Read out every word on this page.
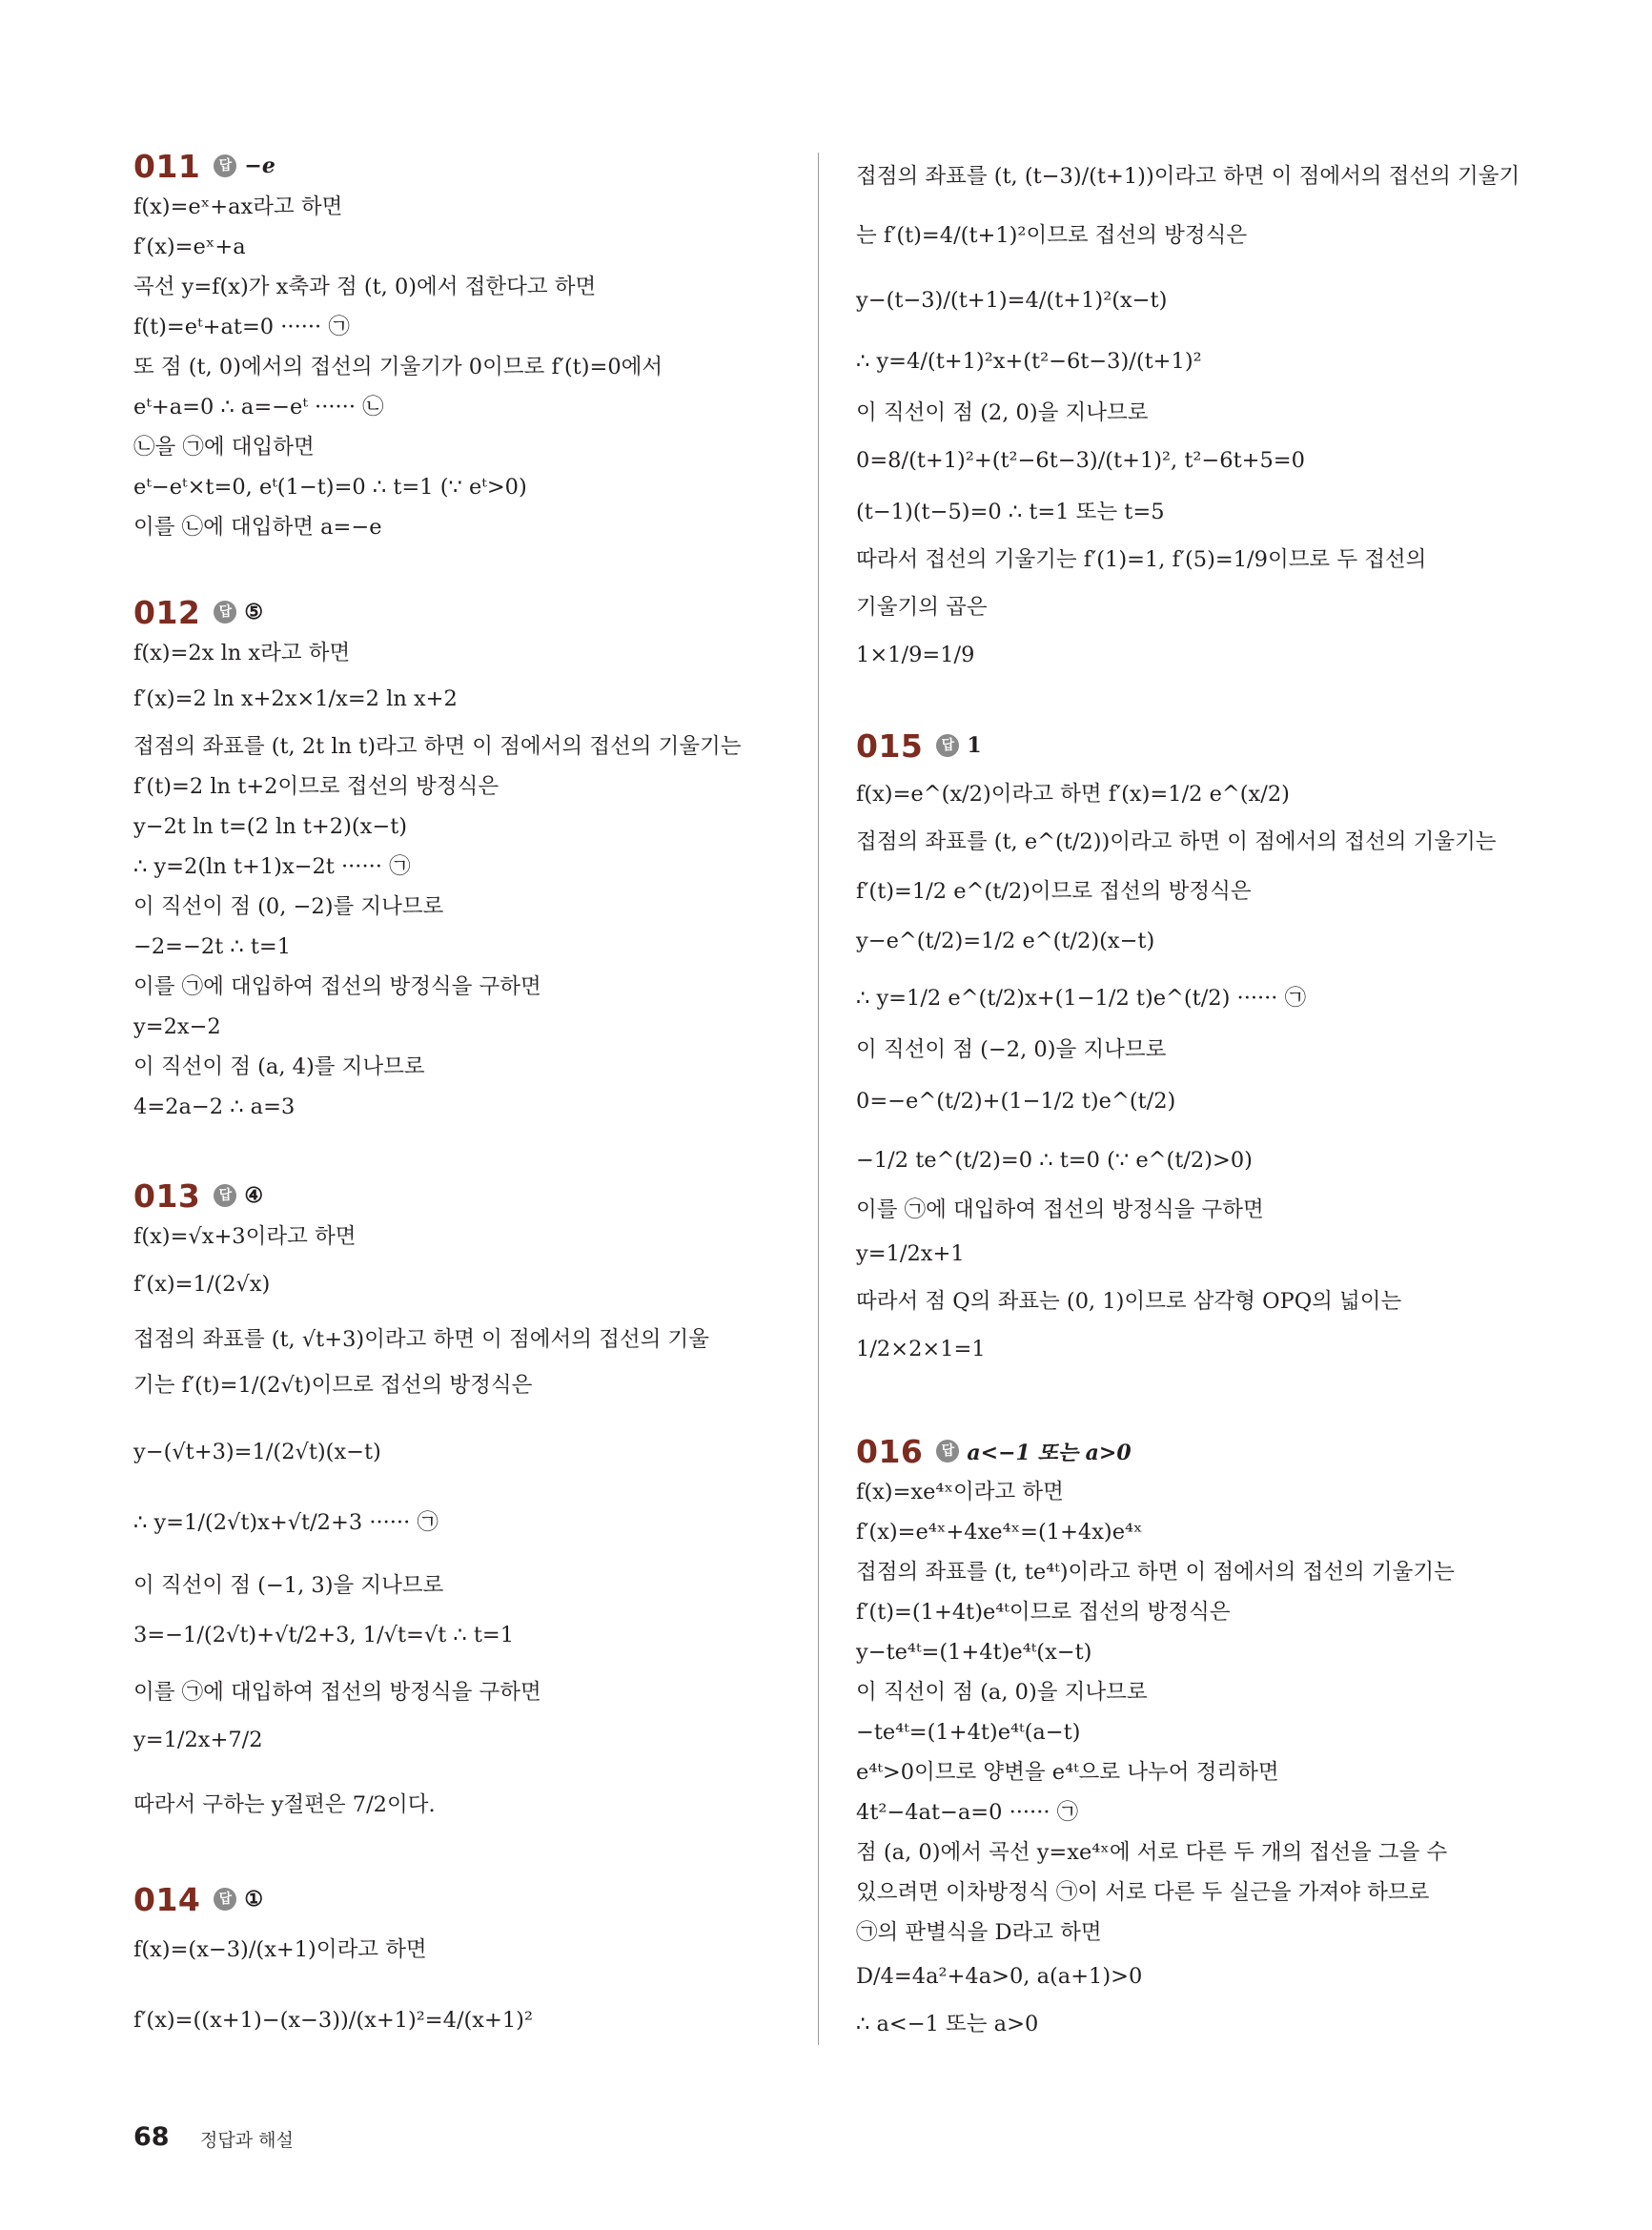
011	답 −e
f(x)=eˣ+ax라고 하면
f′(x)=eˣ+a
곡선 y=f(x)가 x축과 점 (t, 0)에서 접한다고 하면
f(t)=eᵗ+at=0 ······ ㉠
또 점 (t, 0)에서의 접선의 기울기가 0이므로 f′(t)=0에서
eᵗ+a=0 ∴ a=−eᵗ ······ ㉡
㉡을 ㉠에 대입하면
eᵗ−eᵗ×t=0, eᵗ(1−t)=0 ∴ t=1 (∵ eᵗ>0)
이를 ㉡에 대입하면 a=−e
012	답 ⑤
f(x)=2x ln x라고 하면
f′(x)=2 ln x+2x×1/x=2 ln x+2
접점의 좌표를 (t, 2t ln t)라고 하면 이 점에서의 접선의 기울기는
f′(t)=2 ln t+2이므로 접선의 방정식은
y−2t ln t=(2 ln t+2)(x−t)
∴ y=2(ln t+1)x−2t ······ ㉠
이 직선이 점 (0, −2)를 지나므로
−2=−2t ∴ t=1
이를 ㉠에 대입하여 접선의 방정식을 구하면
y=2x−2
이 직선이 점 (a, 4)를 지나므로
4=2a−2 ∴ a=3
013	답 ④
f(x)=√x+3이라고 하면
f′(x)=1/(2√x)
접점의 좌표를 (t, √t+3)이라고 하면 이 점에서의 접선의 기울
기는 f′(t)=1/(2√t)이므로 접선의 방정식은
y−(√t+3)=1/(2√t)(x−t)
∴ y=1/(2√t)x+√t/2+3 ······ ㉠
이 직선이 점 (−1, 3)을 지나므로
3=−1/(2√t)+√t/2+3, 1/√t=√t ∴ t=1
이를 ㉠에 대입하여 접선의 방정식을 구하면
y=1/2x+7/2
따라서 구하는 y절편은 7/2이다.
014	답 ①
f(x)=(x−3)/(x+1)이라고 하면
f′(x)=((x+1)−(x−3))/(x+1)²=4/(x+1)²
접점의 좌표를 (t, (t−3)/(t+1))이라고 하면 이 점에서의 접선의 기울기
는 f′(t)=4/(t+1)²이므로 접선의 방정식은
y−(t−3)/(t+1)=4/(t+1)²(x−t)
∴ y=4/(t+1)²x+(t²−6t−3)/(t+1)²
이 직선이 점 (2, 0)을 지나므로
0=8/(t+1)²+(t²−6t−3)/(t+1)², t²−6t+5=0
(t−1)(t−5)=0 ∴ t=1 또는 t=5
따라서 접선의 기울기는 f′(1)=1, f′(5)=1/9이므로 두 접선의
기울기의 곱은
1×1/9=1/9
015	답 1
f(x)=e^(x/2)이라고 하면 f′(x)=1/2 e^(x/2)
접점의 좌표를 (t, e^(t/2))이라고 하면 이 점에서의 접선의 기울기는
f′(t)=1/2 e^(t/2)이므로 접선의 방정식은
y−e^(t/2)=1/2 e^(t/2)(x−t)
∴ y=1/2 e^(t/2)x+(1−1/2 t)e^(t/2) ······ ㉠
이 직선이 점 (−2, 0)을 지나므로
0=−e^(t/2)+(1−1/2 t)e^(t/2)
−1/2 te^(t/2)=0 ∴ t=0 (∵ e^(t/2)>0)
이를 ㉠에 대입하여 접선의 방정식을 구하면
y=1/2x+1
따라서 점 Q의 좌표는 (0, 1)이므로 삼각형 OPQ의 넓이는
1/2×2×1=1
016	답 a<−1 또는 a>0
f(x)=xe⁴ˣ이라고 하면
f′(x)=e⁴ˣ+4xe⁴ˣ=(1+4x)e⁴ˣ
접점의 좌표를 (t, te⁴ᵗ)이라고 하면 이 점에서의 접선의 기울기는
f′(t)=(1+4t)e⁴ᵗ이므로 접선의 방정식은
y−te⁴ᵗ=(1+4t)e⁴ᵗ(x−t)
이 직선이 점 (a, 0)을 지나므로
−te⁴ᵗ=(1+4t)e⁴ᵗ(a−t)
e⁴ᵗ>0이므로 양변을 e⁴ᵗ으로 나누어 정리하면
4t²−4at−a=0 ······ ㉠
점 (a, 0)에서 곡선 y=xe⁴ˣ에 서로 다른 두 개의 접선을 그을 수
있으려면 이차방정식 ㉠이 서로 다른 두 실근을 가져야 하므로
㉠의 판별식을 D라고 하면
D/4=4a²+4a>0, a(a+1)>0
∴ a<−1 또는 a>0
68 정답과 해설
